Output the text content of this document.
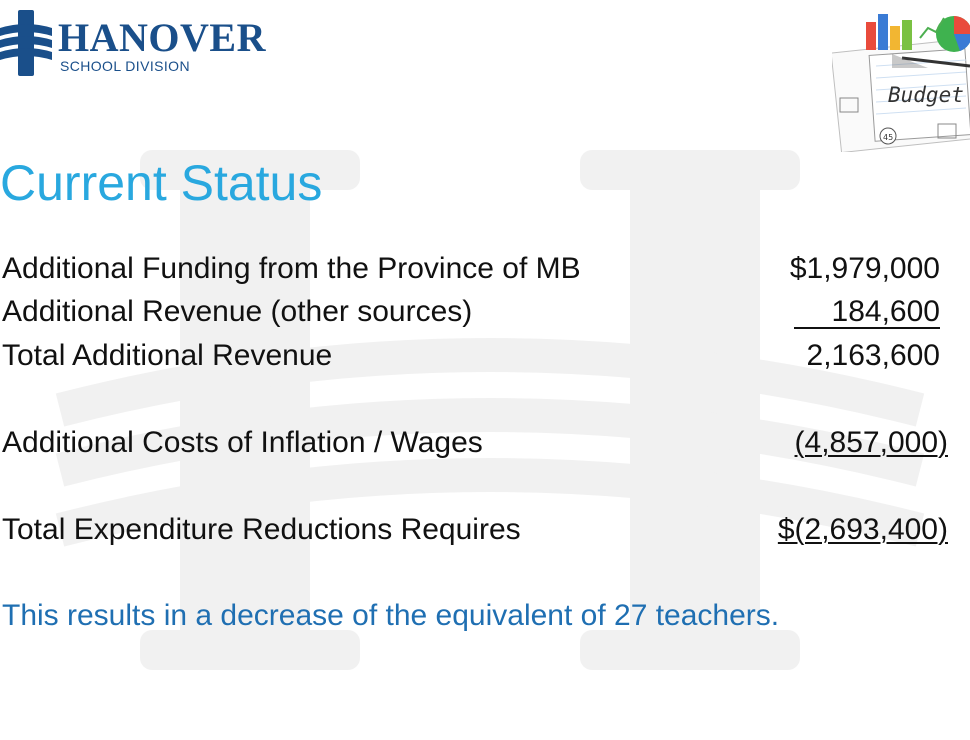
HANOVER
SCHOOL DIVISION
Budget
45
Current Status
Additional Funding from the Province of MB	$1,979,000
Additional Revenue (other sources)	184,600
Total Additional Revenue	2,163,600
Additional Costs of Inflation / Wages	(4,857,000)
Total Expenditure Reductions Requires	$(2,693,400)
This results in a decrease of the equivalent of 27 teachers.
